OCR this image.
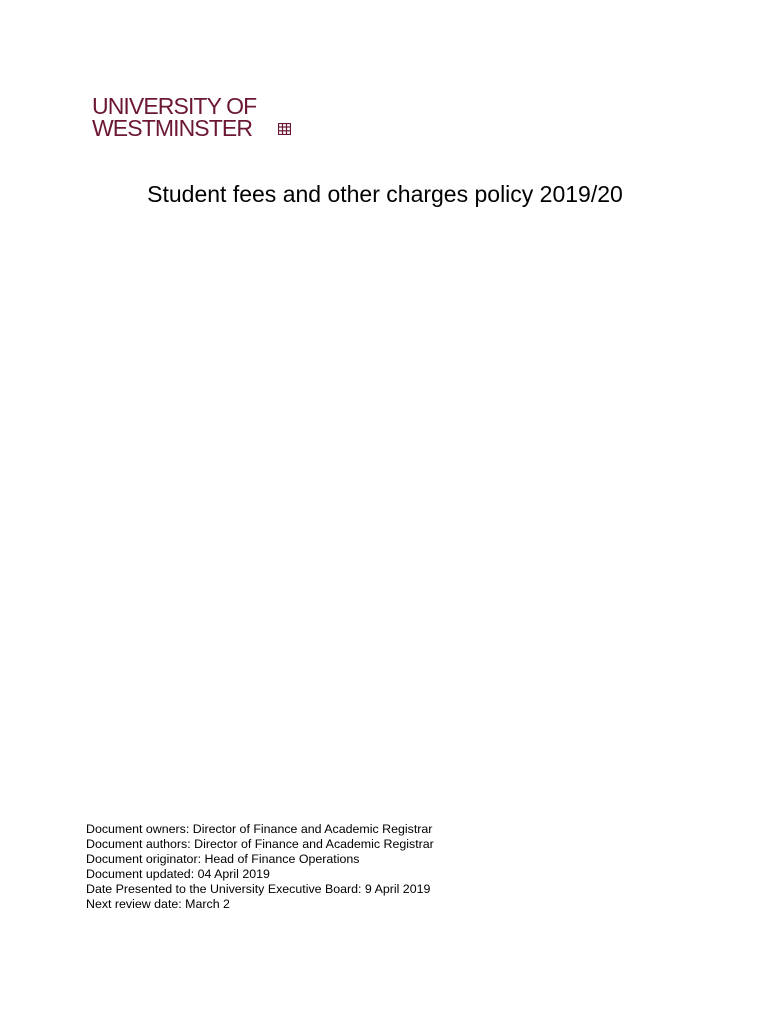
UNIVERSITY OF
WESTMINSTER
Student fees and other charges policy 2019/20
Document owners: Director of Finance and Academic Registrar
Document authors: Director of Finance and Academic Registrar
Document originator: Head of Finance Operations
Document updated: 04 April 2019
Date Presented to the University Executive Board: 9 April 2019
Next review date: March 2
